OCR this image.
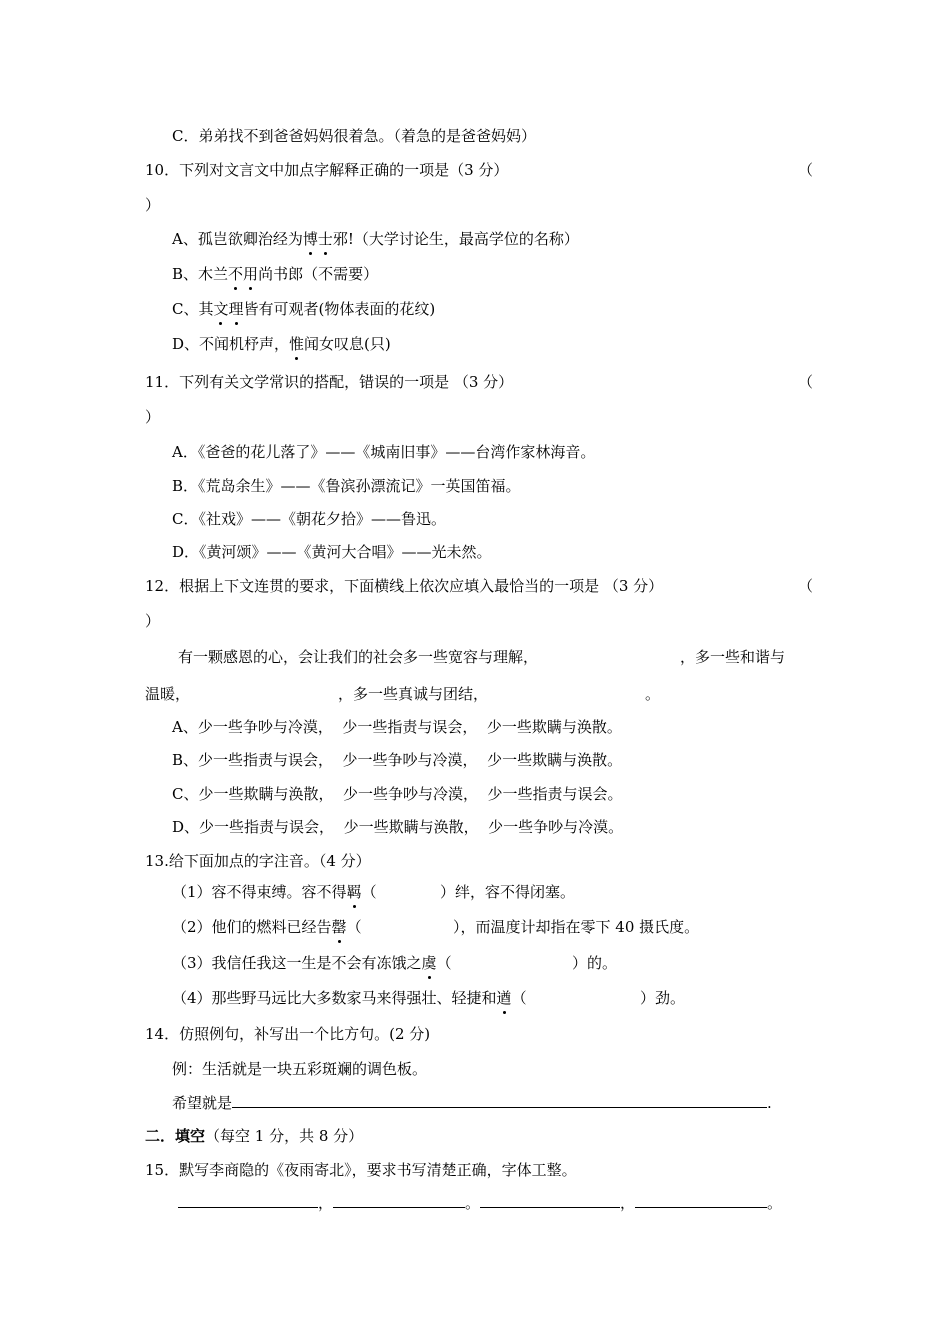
C．弟弟找不到爸爸妈妈很着急。（着急的是爸爸妈妈）
10．下列对文言文中加点字解释正确的一项是（3 分）	（
）
A、孤岂欲卿治经为博士邪!（大学讨论生，最高学位的名称）
B、木兰不用尚书郎（不需要）
C、其文理皆有可观者(物体表面的花纹)
D、不闻机杼声，惟闻女叹息(只)
11．下列有关文学常识的搭配，错误的一项是 （3 分）	（
）
A．《爸爸的花儿落了》——《城南旧事》——台湾作家林海音。
B．《荒岛余生》——《鲁滨孙漂流记》一英国笛福。
C．《社戏》——《朝花夕拾》——鲁迅。
D．《黄河颂》——《黄河大合唱》——光未然。
12．根据上下文连贯的要求，下面横线上依次应填入最恰当的一项是 （3 分）	（
）
有一颗感恩的心，会让我们的社会多一些宽容与理解，	，多一些和谐与
温暖，	，多一些真诚与团结，	。
A、少一些争吵与冷漠，  少一些指责与误会，  少一些欺瞒与涣散。
B、少一些指责与误会，  少一些争吵与冷漠，  少一些欺瞒与涣散。
C、少一些欺瞒与涣散，  少一些争吵与冷漠，  少一些指责与误会。
D、少一些指责与误会，  少一些欺瞒与涣散，  少一些争吵与冷漠。
13.给下面加点的字注音。（4 分）
（1）容不得束缚。容不得羁（	）绊，容不得闭塞。
（2）他们的燃料已经告罄（	），而温度计却指在零下 40 摄氏度。
（3）我信任我这一生是不会有冻饿之虞（	）的。
（4）那些野马远比大多数家马来得强壮、轻捷和遒（	）劲。
14．仿照例句，补写出一个比方句。(2 分)
例：生活就是一块五彩斑斓的调色板。
希望就是	.
二．填空（每空 1 分，共 8 分）
15．默写李商隐的《夜雨寄北》，要求书写清楚正确，字体工整。
，	。	，	。
